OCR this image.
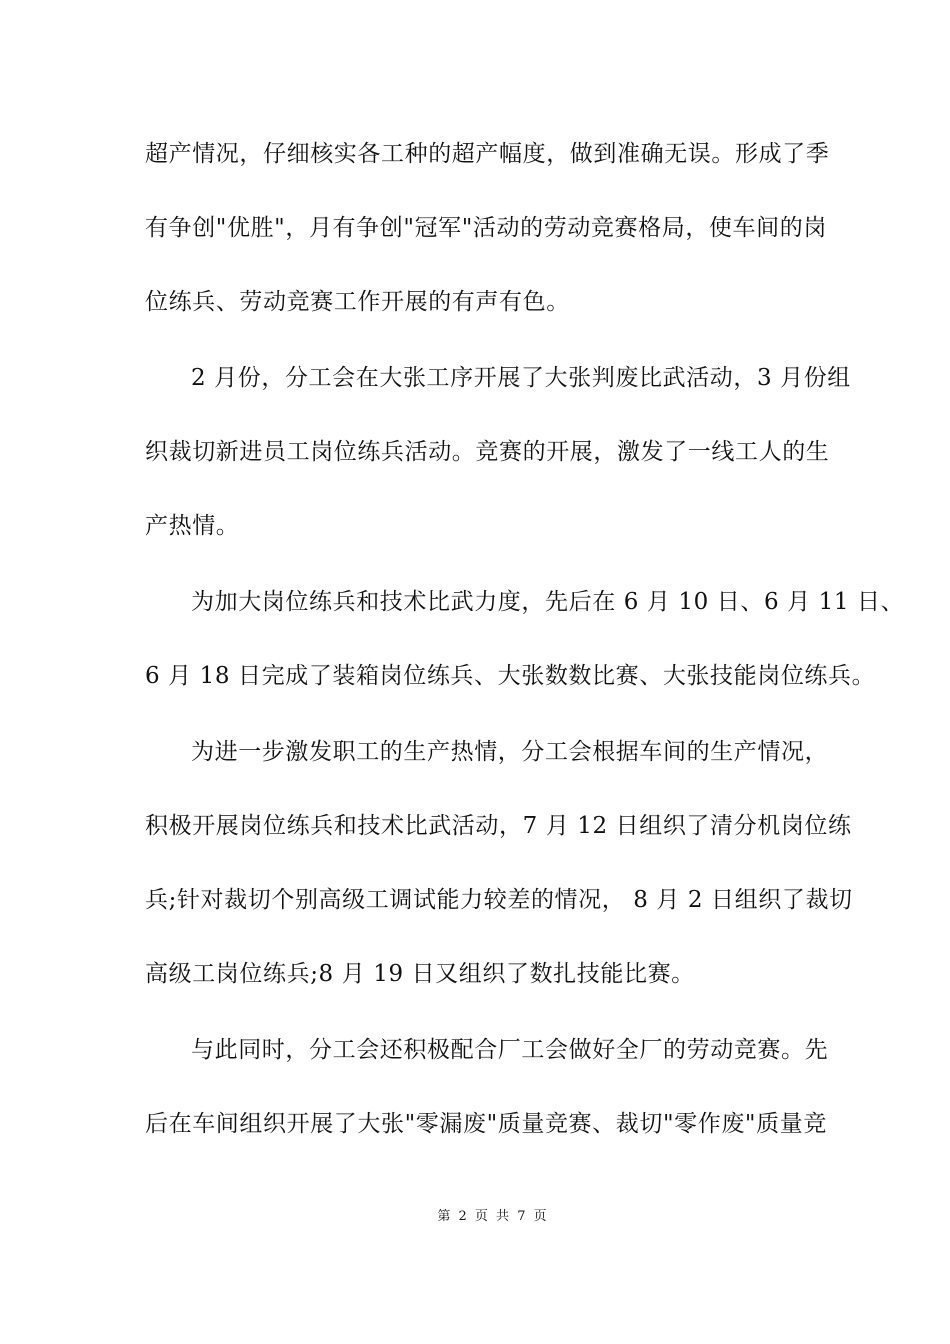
超产情况，仔细核实各工种的超产幅度，做到准确无误。形成了季
有争创"优胜"，月有争创"冠军"活动的劳动竞赛格局，使车间的岗
位练兵、劳动竞赛工作开展的有声有色。
2 月份，分工会在大张工序开展了大张判废比武活动，3 月份组
织裁切新进员工岗位练兵活动。竞赛的开展，激发了一线工人的生
产热情。
为加大岗位练兵和技术比武力度，先后在 6 月 10 日、6 月 11 日、
6 月 18 日完成了装箱岗位练兵、大张数数比赛、大张技能岗位练兵。
为进一步激发职工的生产热情，分工会根据车间的生产情况，
积极开展岗位练兵和技术比武活动，7 月 12 日组织了清分机岗位练
兵;针对裁切个别高级工调试能力较差的情况， 8 月 2 日组织了裁切
高级工岗位练兵;8 月 19 日又组织了数扎技能比赛。
与此同时，分工会还积极配合厂工会做好全厂的劳动竞赛。先
后在车间组织开展了大张"零漏废"质量竞赛、裁切"零作废"质量竞
第 2 页 共 7 页
